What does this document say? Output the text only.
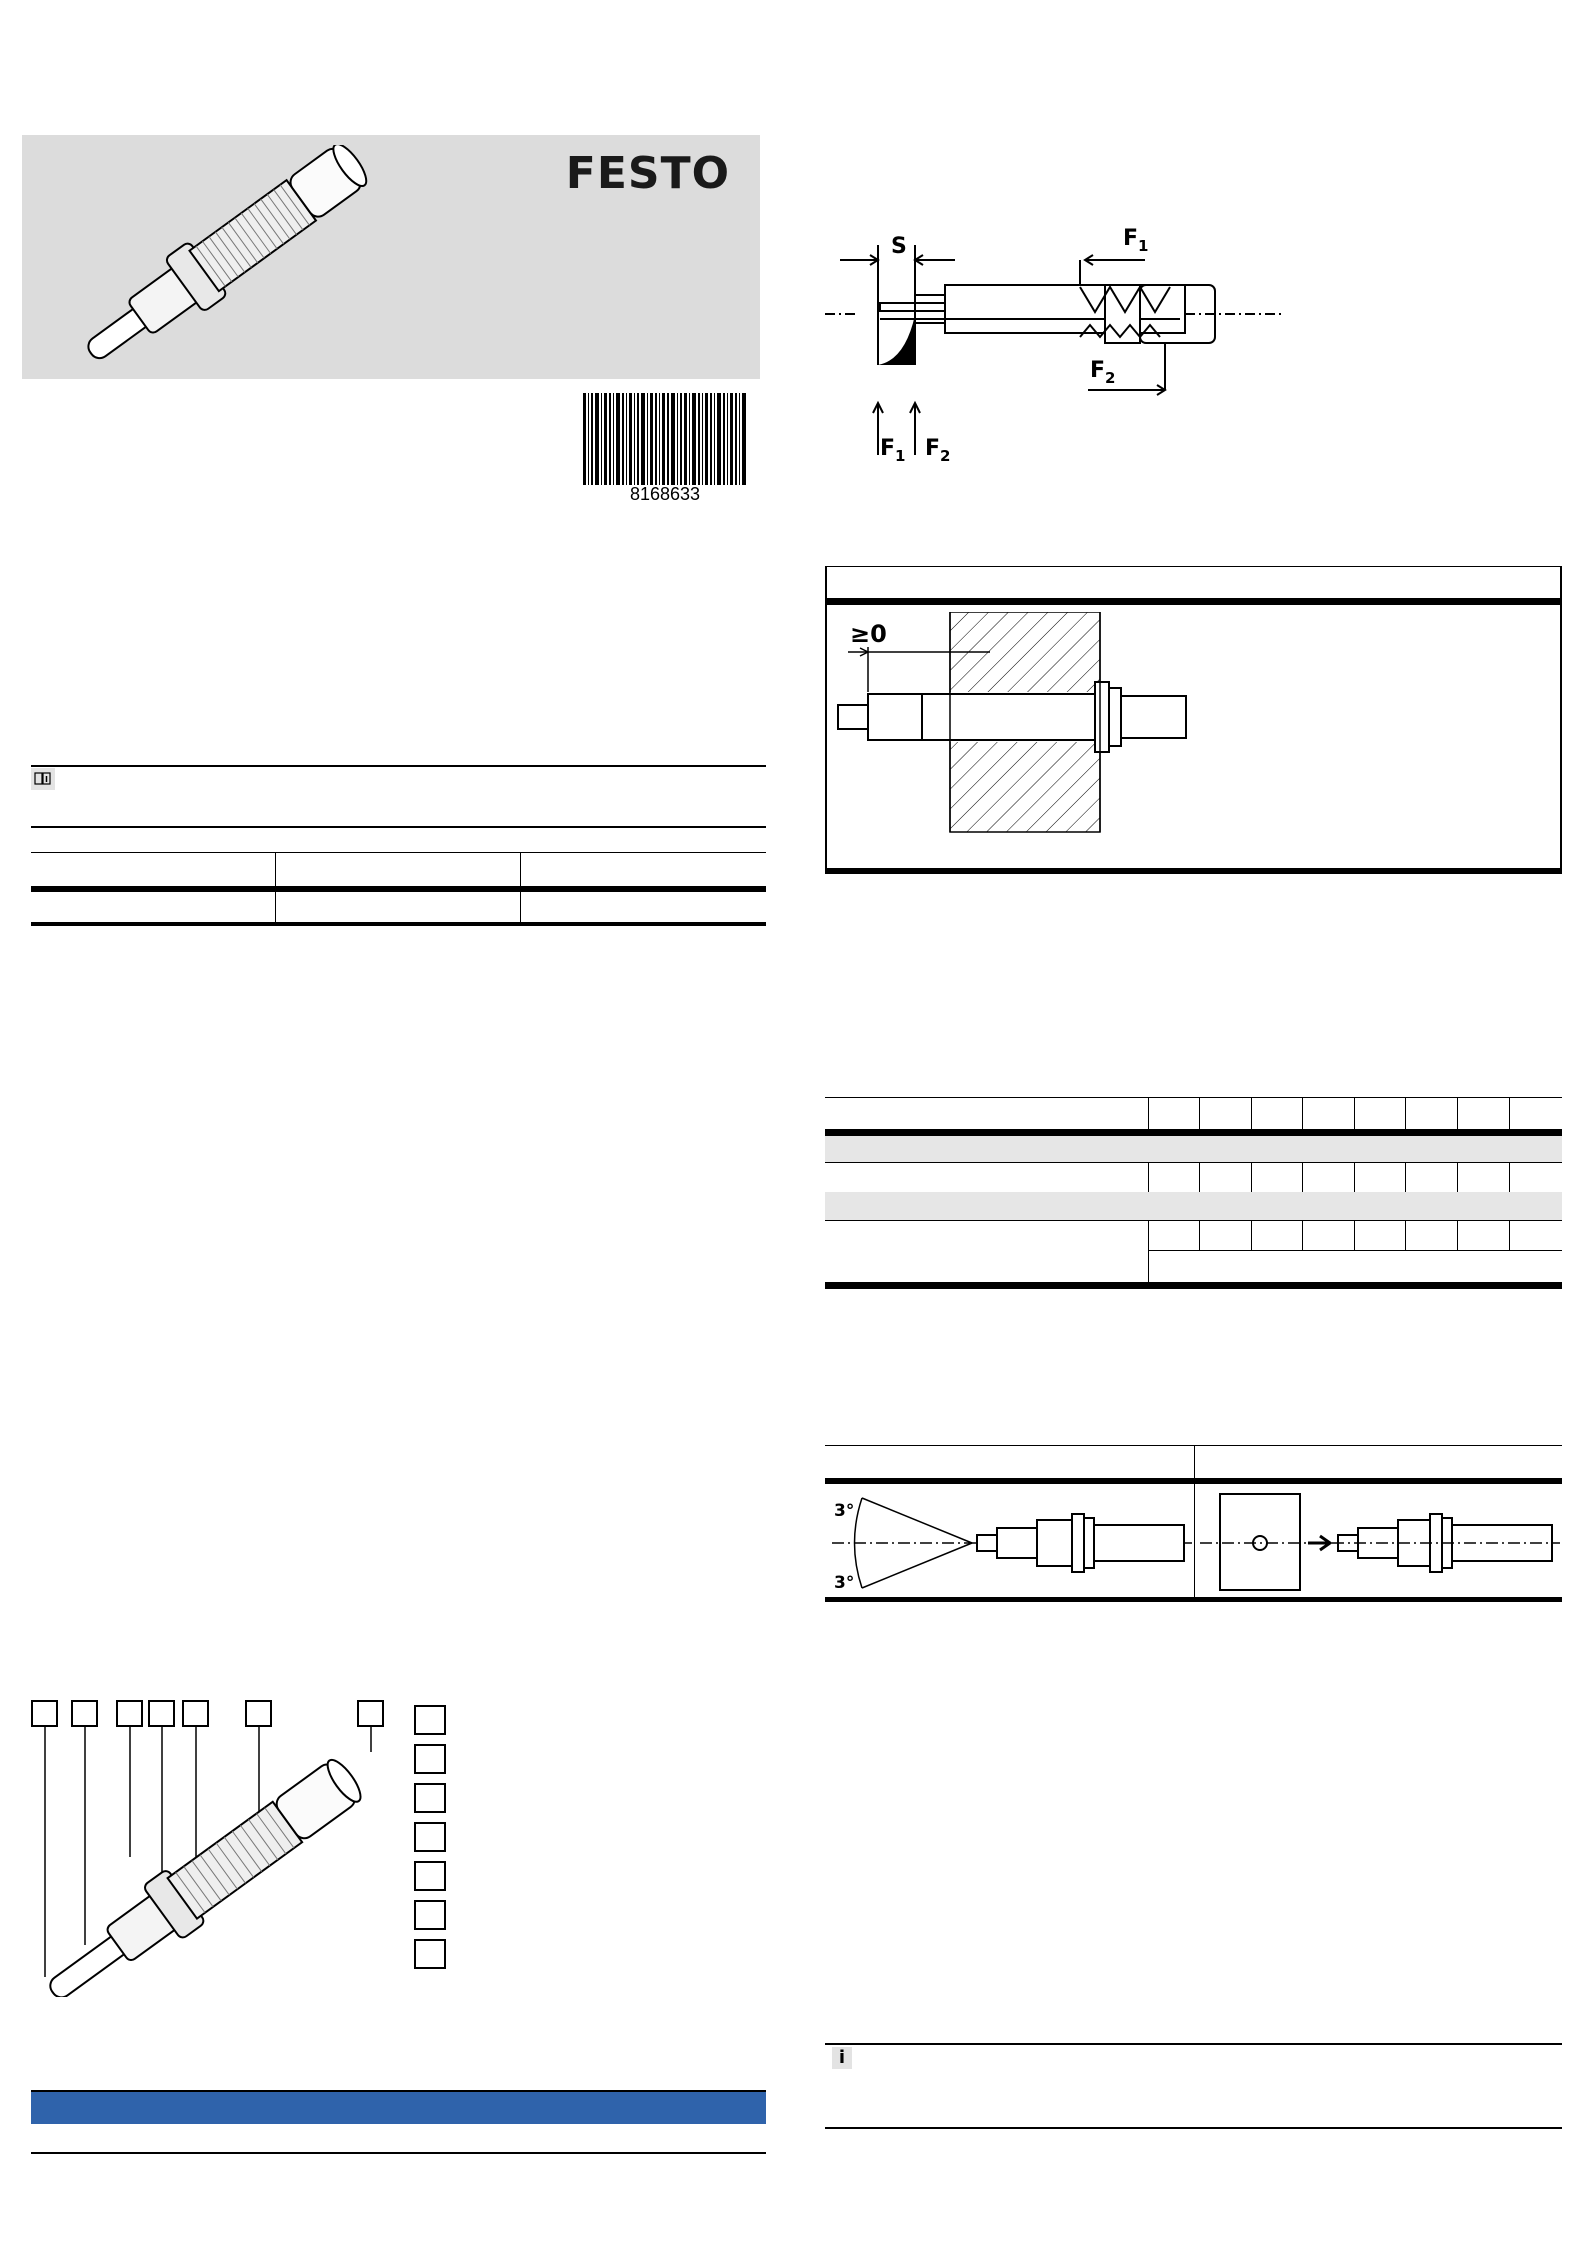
FESTO
8168633
S	$F_1$
$F_2$
$F_1$ $F_2$
≥0
3°
3°
i
